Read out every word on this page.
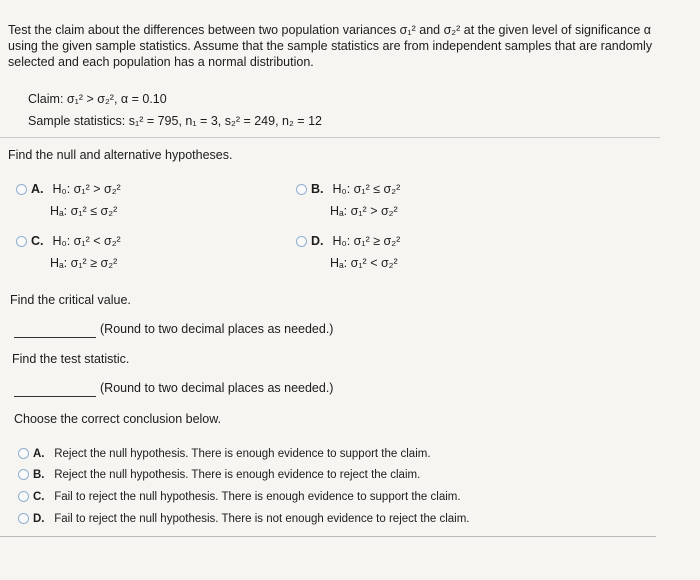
Test the claim about the differences between two population variances σ₁² and σ₂² at the given level of significance α
using the given sample statistics. Assume that the sample statistics are from independent samples that are randomly
selected and each population has a normal distribution.
Claim: σ₁² > σ₂², α = 0.10
Sample statistics: s₁² = 795, n₁ = 3, s₂² = 249, n₂ = 12
Find the null and alternative hypotheses.
A. H₀: σ₁² > σ₂²
Hₐ: σ₁² ≤ σ₂²
B. H₀: σ₁² ≤ σ₂²
Hₐ: σ₁² > σ₂²
C. H₀: σ₁² < σ₂²
Hₐ: σ₁² ≥ σ₂²
D. H₀: σ₁² ≥ σ₂²
Hₐ: σ₁² < σ₂²
Find the critical value.
(Round to two decimal places as needed.)
Find the test statistic.
(Round to two decimal places as needed.)
Choose the correct conclusion below.
A. Reject the null hypothesis. There is enough evidence to support the claim.
B. Reject the null hypothesis. There is enough evidence to reject the claim.
C. Fail to reject the null hypothesis. There is enough evidence to support the claim.
D. Fail to reject the null hypothesis. There is not enough evidence to reject the claim.
